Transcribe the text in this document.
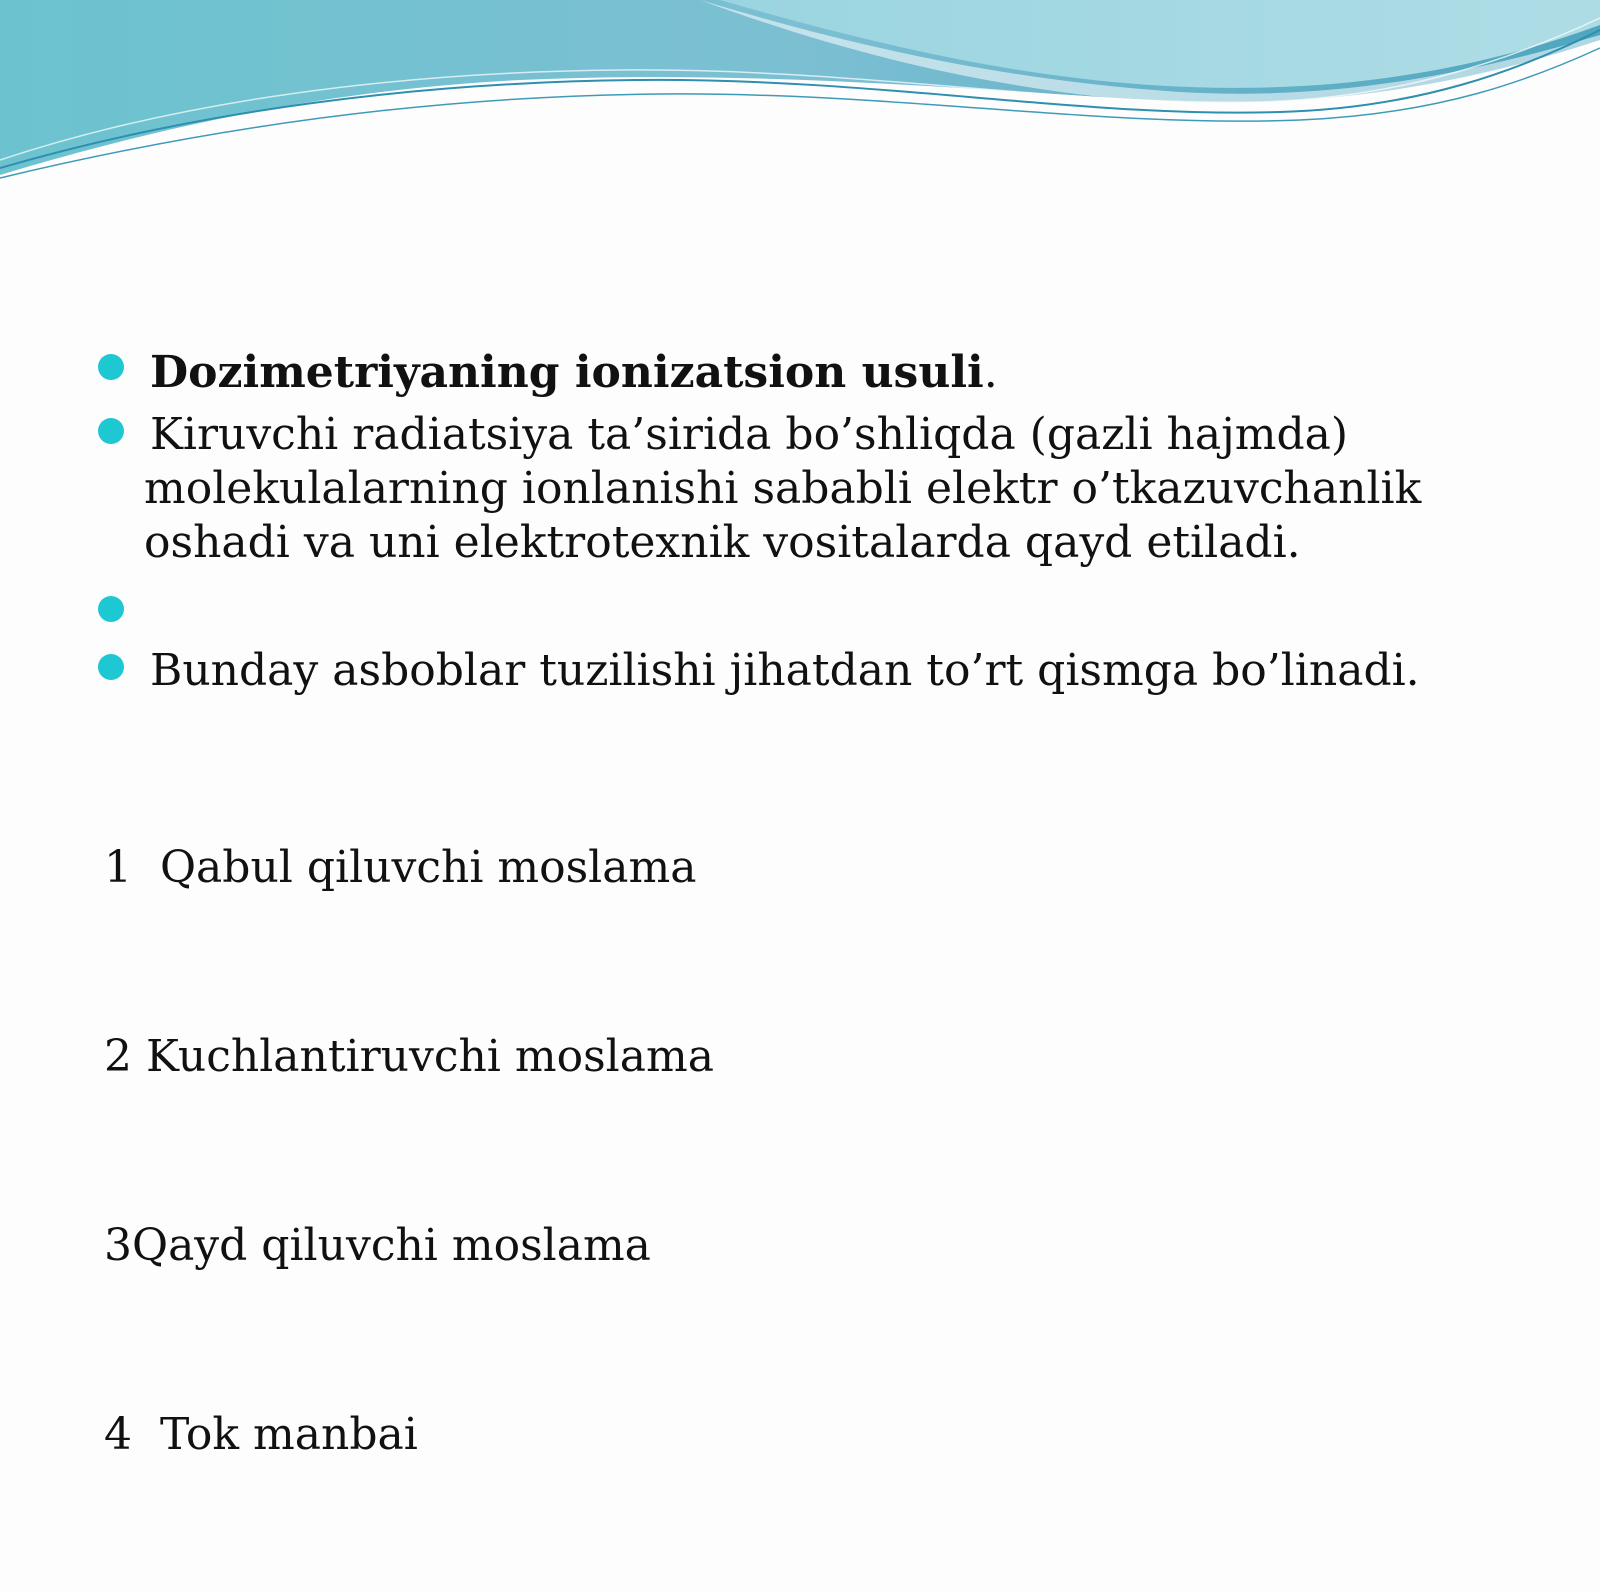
Dozimetriyaning ionizatsion usuli.
Kiruvchi radiatsiya ta’sirida bo’shliqda (gazli hajmda)
molekulalarning ionlanishi sababli elektr o’tkazuvchanlik
oshadi va uni elektrotexnik vositalarda qayd etiladi.
Bunday asboblar tuzilishi jihatdan to’rt qismga bo’linadi.

1  Qabul qiluvchi moslama

2 Kuchlantiruvchi moslama

3Qayd qiluvchi moslama

4  Tok manbai
